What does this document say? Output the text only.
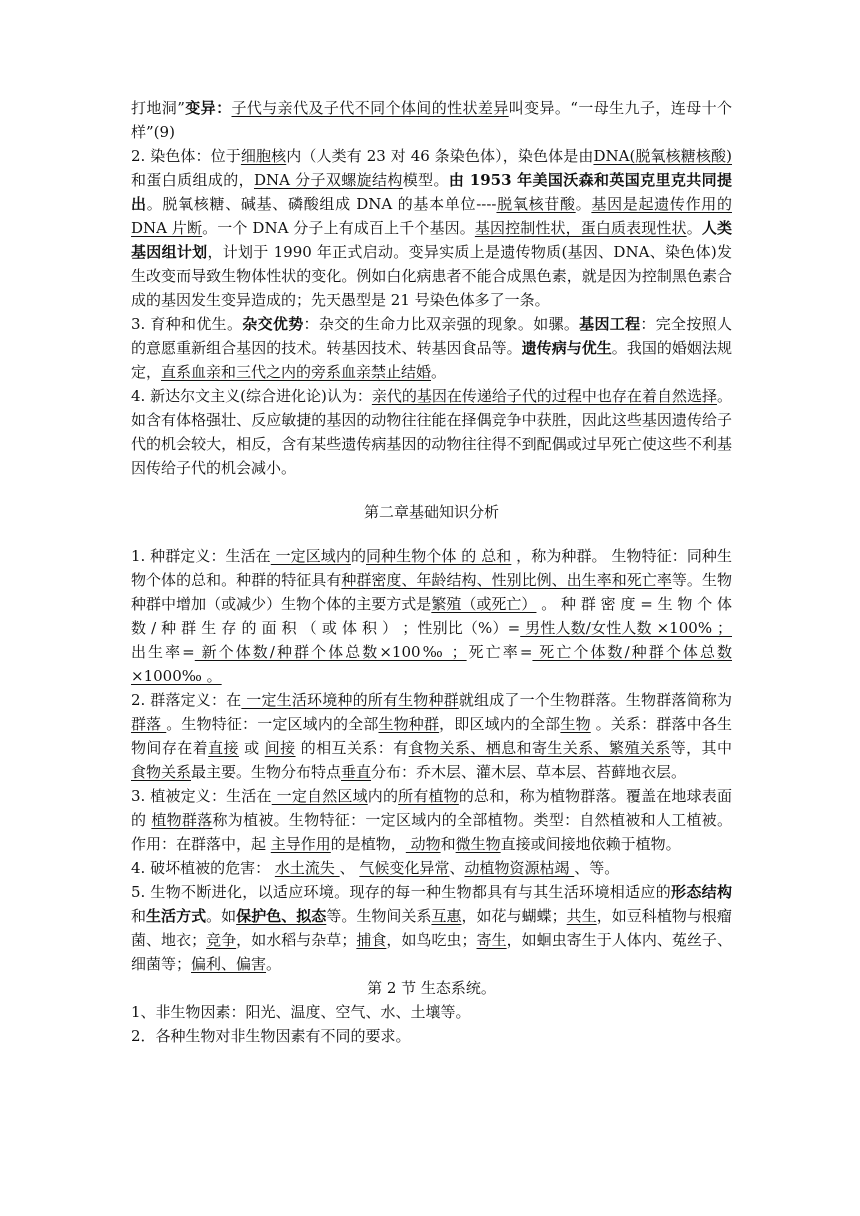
打地洞”变异：子代与亲代及子代不同个体间的性状差异叫变异。“一母生九子，连母十个样”(9)

2. 染色体：位于细胞核内（人类有 23 对 46 条染色体），染色体是由DNA(脱氧核糖核酸)和蛋白质组成的，DNA 分子双螺旋结构模型。由 1953 年美国沃森和英国克里克共同提出。脱氧核糖、碱基、磷酸组成 DNA 的基本单位----脱氧核苷酸。基因是起遗传作用的 DNA 片断。一个 DNA 分子上有成百上千个基因。基因控制性状，蛋白质表现性状。人类基因组计划，计划于 1990 年正式启动。变异实质上是遗传物质(基因、DNA、染色体)发生改变而导致生物体性状的变化。例如白化病患者不能合成黑色素，就是因为控制黑色素合成的基因发生变异造成的；先天愚型是 21 号染色体多了一条。

3. 育种和优生。杂交优势：杂交的生命力比双亲强的现象。如骡。基因工程：完全按照人的意愿重新组合基因的技术。转基因技术、转基因食品等。遗传病与优生。我国的婚姻法规定，直系血亲和三代之内的旁系血亲禁止结婚。

4. 新达尔文主义(综合进化论)认为：亲代的基因在传递给子代的过程中也存在着自然选择。如含有体格强壮、反应敏捷的基因的动物往往能在择偶竞争中获胜，因此这些基因遗传给子代的机会较大，相反，含有某些遗传病基因的动物往往得不到配偶或过早死亡使这些不利基因传给子代的机会减小。

第二章基础知识分析

1. 种群定义：生活在 一定区域内的同种生物个体 的 总和 ，称为种群。 生物特征：同种生物个体的总和。种群的特征具有种群密度、年龄结构、性别比例、出生率和死亡率等。生物种群中增加（或减少）生物个体的主要方式是繁殖（或死亡） 。 种 群 密 度 = 生 物 个 体 数 / 种 群 生 存 的 面 积 （ 或 体 积 ） ；性别比（%）= 男性人数/女性人数 ×100% ； 出生率= 新个体数/种群个体总数×100‰ ；死亡率= 死亡个体数/种群个体总数×1000‰ 。

2. 群落定义：在 一定生活环境种的所有生物种群就组成了一个生物群落。生物群落简称为 群落 。生物特征：一定区域内的全部生物种群，即区域内的全部生物 。关系：群落中各生物间存在着直接 或 间接 的相互关系：有食物关系、栖息和寄生关系、繁殖关系等，其中 食物关系最主要。生物分布特点垂直分布：乔木层、灌木层、草本层、苔藓地衣层。

3. 植被定义：生活在 一定自然区域内的所有植物的总和，称为植物群落。覆盖在地球表面的 植物群落称为植被。生物特征：一定区域内的全部植物。类型：自然植被和人工植被。作用：在群落中，起 主导作用的是植物， 动物和微生物直接或间接地依赖于植物。

4. 破坏植被的危害： 水土流失 、 气候变化异常、动植物资源枯竭 、等。

5. 生物不断进化，以适应环境。现存的每一种生物都具有与其生活环境相适应的形态结构和生活方式。如保护色、拟态等。生物间关系互惠，如花与蝴蝶；共生，如豆科植物与根瘤菌、地衣；竞争，如水稻与杂草；捕食，如鸟吃虫；寄生，如蛔虫寄生于人体内、菟丝子、细菌等；偏利、偏害。

第 2 节 生态系统。

1、非生物因素：阳光、温度、空气、水、土壤等。

2．各种生物对非生物因素有不同的要求。
